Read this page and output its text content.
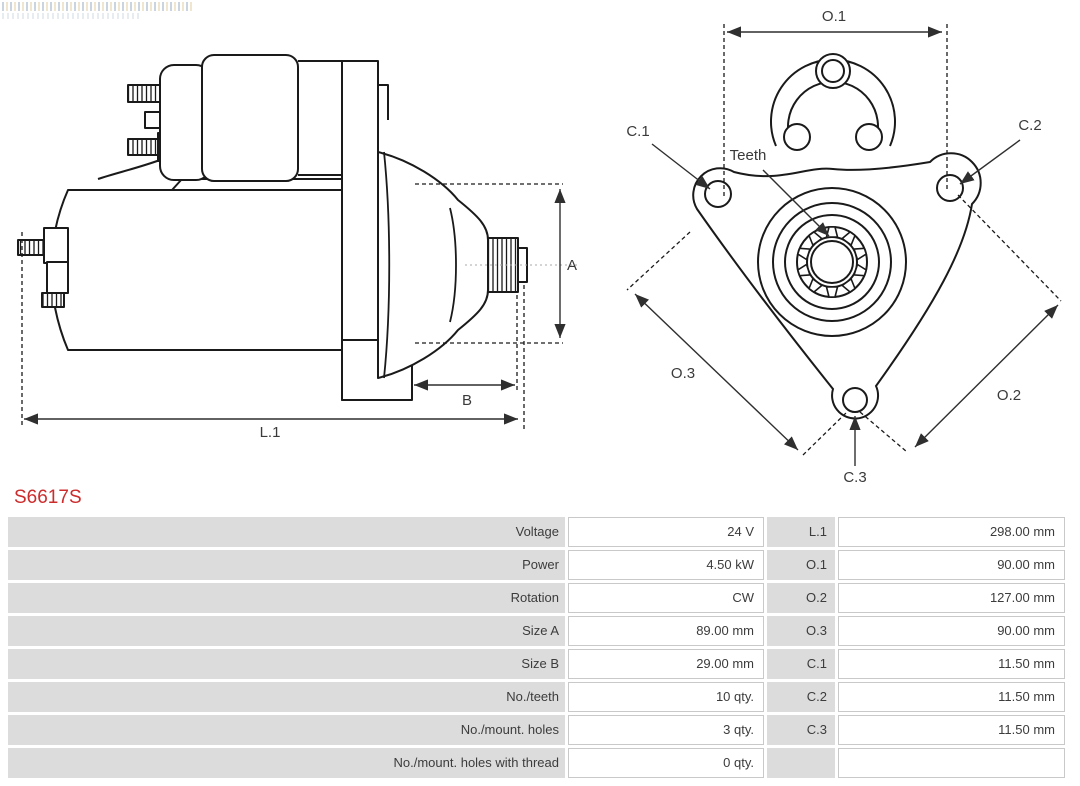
A
B
L.1
O.1
C.1	C.2
Teeth
O.3
O.2
C.3
S6617S
Voltage	24 V	L.1	298.00 mm
Power	4.50 kW	O.1	90.00 mm
Rotation	CW	O.2	127.00 mm
Size A	89.00 mm	O.3	90.00 mm
Size B	29.00 mm	C.1	11.50 mm
No./teeth	10 qty.	C.2	11.50 mm
No./mount. holes	3 qty.	C.3	11.50 mm
No./mount. holes with thread	0 qty.
